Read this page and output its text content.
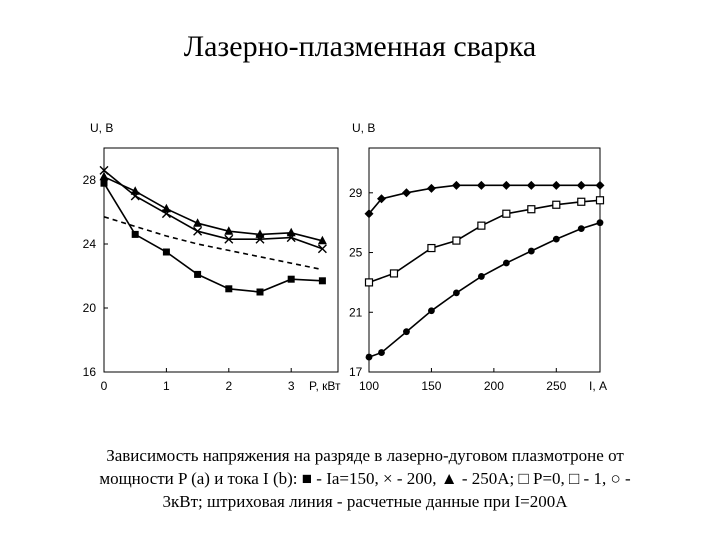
Лазерно-плазменная сварка
U, В
P, кВт
16
20
24
28
0	1	2	3
U, В
I, А
17
21
25
29
100	150	200	250
Зависимость напряжения на разряде в лазерно-дуговом плазмотроне от
мощности P (a) и тока I (b): ■ - Ia=150, × - 200, ▲ - 250А; □ P=0, □ - 1, ○ -
3кВт; штриховая линия - расчетные данные при I=200А
